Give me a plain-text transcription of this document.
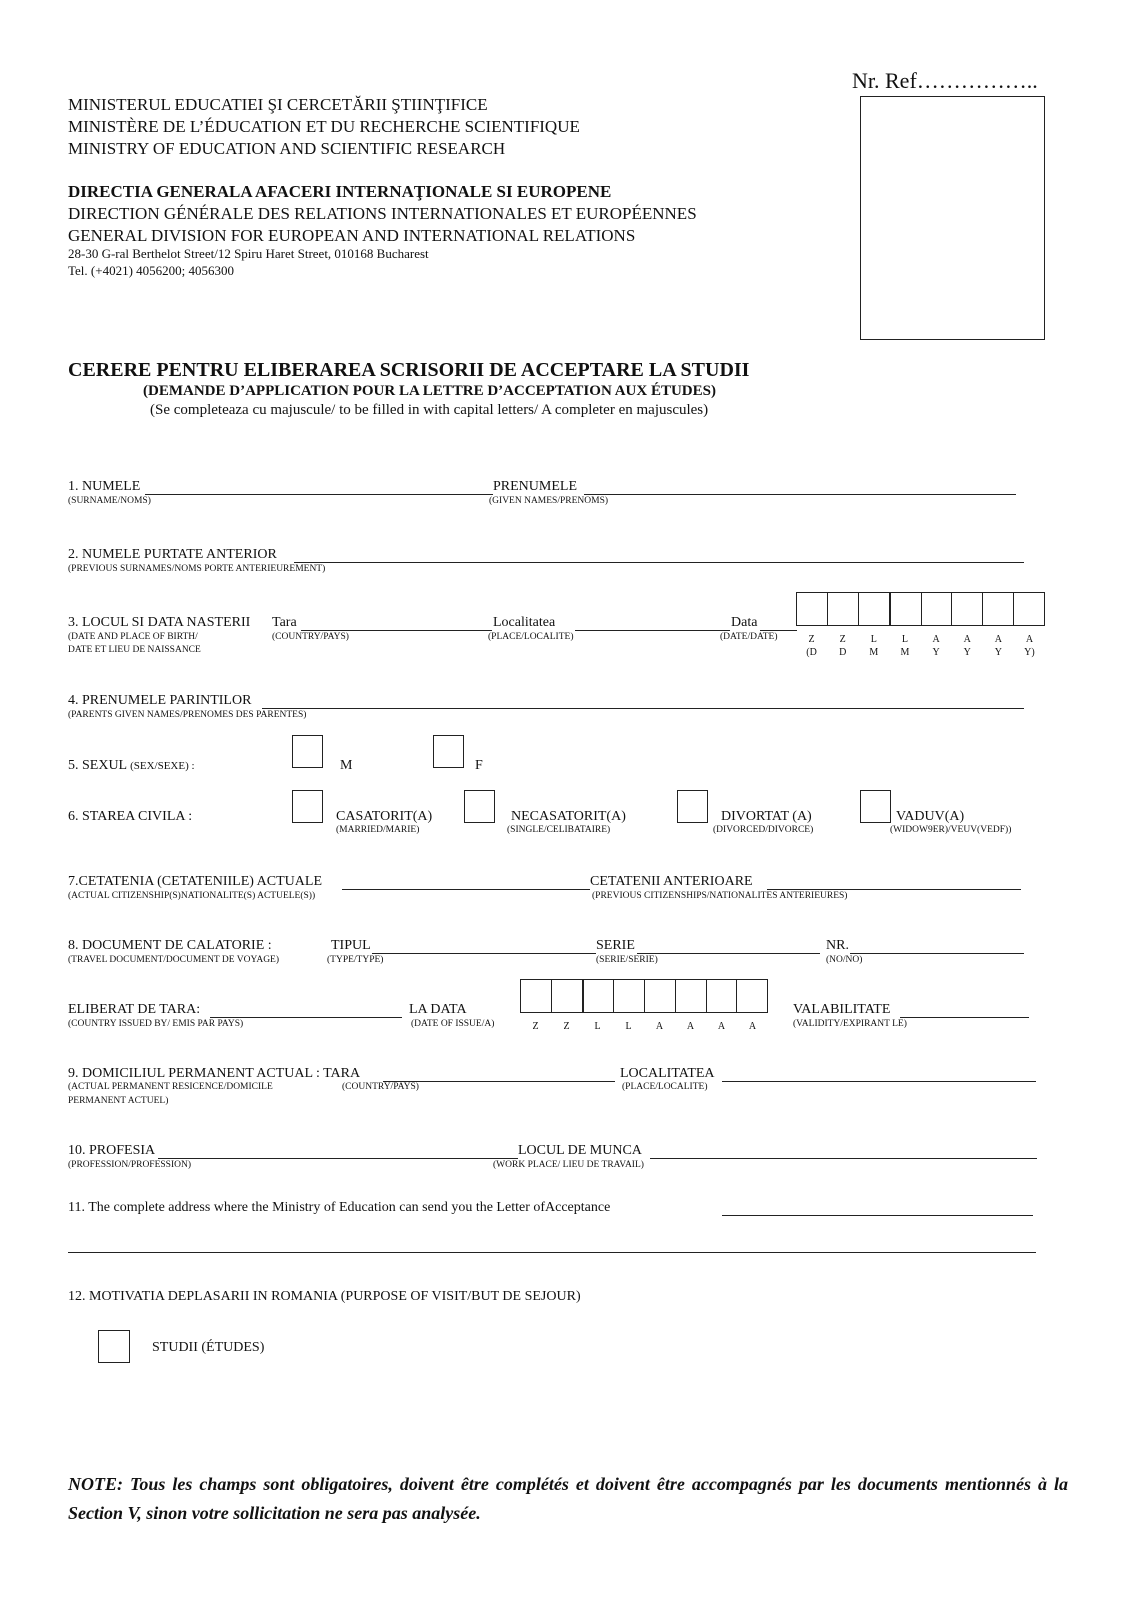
Nr. Ref……………..
MINISTERUL EDUCATIEI ŞI CERCETĂRII ŞTIINŢIFICE
MINISTÈRE DE L’ÉDUCATION ET DU RECHERCHE SCIENTIFIQUE
MINISTRY OF EDUCATION AND SCIENTIFIC RESEARCH
DIRECTIA GENERALA AFACERI INTERNAŢIONALE SI EUROPENE
DIRECTION GÉNÉRALE DES RELATIONS INTERNATIONALES ET EUROPÉENNES
GENERAL DIVISION FOR EUROPEAN AND INTERNATIONAL RELATIONS
28-30 G-ral Berthelot Street/12 Spiru Haret Street, 010168 Bucharest
Tel. (+4021) 4056200; 4056300
CERERE PENTRU ELIBERAREA SCRISORII DE ACCEPTARE LA STUDII
(DEMANDE D’APPLICATION POUR LA LETTRE D’ACCEPTATION AUX ÉTUDES)
(Se completeaza cu majuscule/ to be filled in with capital letters/ A completer en majuscules)
1. NUMELE
(SURNAME/NOMS)
PRENUMELE
(GIVEN NAMES/PRENOMS)
2. NUMELE PURTATE ANTERIOR
(PREVIOUS SURNAMES/NOMS PORTE ANTERIEUREMENT)
3. LOCUL SI DATA NASTERII
(DATE AND PLACE OF BIRTH/
DATE ET LIEU DE NAISSANCE
Tara
(COUNTRY/PAYS)
Localitatea
(PLACE/LOCALITE)
Data
(DATE/DATE)	Z	Z	L	L	A	A	A	A
(D	D	M	M	Y	Y	Y	Y)
4. PRENUMELE PARINTILOR
(PARENTS GIVEN NAMES/PRENOMES DES PARENTES)
5. SEXUL (SEX/SEXE) :	M	F
6. STAREA CIVILA :	CASATORIT(A)
(MARRIED/MARIE)
NECASATORIT(A)
(SINGLE/CELIBATAIRE)
DIVORTAT (A)
(DIVORCED/DIVORCE)
VADUV(A)
(WIDOW9ER)/VEUV(VEDF))
7.CETATENIA (CETATENIILE) ACTUALE
(ACTUAL CITIZENSHIP(S)NATIONALITE(S) ACTUELE(S))
CETATENII ANTERIOARE
(PREVIOUS CITIZENSHIPS/NATIONALITES ANTERIEURES)
8. DOCUMENT DE CALATORIE :
(TRAVEL DOCUMENT/DOCUMENT DE VOYAGE)
TIPUL
(TYPE/TYPE)
SERIE
(SERIE/SERIE)
NR.
(NO/NO)
ELIBERAT DE TARA:
(COUNTRY ISSUED BY/ EMIS PAR PAYS)
LA DATA
(DATE OF ISSUE/A)	Z	Z	L	L	A	A	A	A
VALABILITATE
(VALIDITY/EXPIRANT LE)
9. DOMICILIUL PERMANENT ACTUAL : TARA
(ACTUAL PERMANENT RESICENCE/DOMICILE
PERMANENT ACTUEL)
(COUNTRY/PAYS)
LOCALITATEA
(PLACE/LOCALITE)
10. PROFESIA
(PROFESSION/PROFESSION)
LOCUL DE MUNCA
(WORK PLACE/ LIEU DE TRAVAIL)
11. The complete address where the Ministry of Education can send you the Letter ofAcceptance
12. MOTIVATIA DEPLASARII IN ROMANIA (PURPOSE OF VISIT/BUT DE SEJOUR)
STUDII (ÉTUDES)
NOTE: Tous les champs sont obligatoires, doivent être complétés et doivent être accompagnés par les documents mentionnés à la Section V, sinon votre sollicitation ne sera pas analysée.
